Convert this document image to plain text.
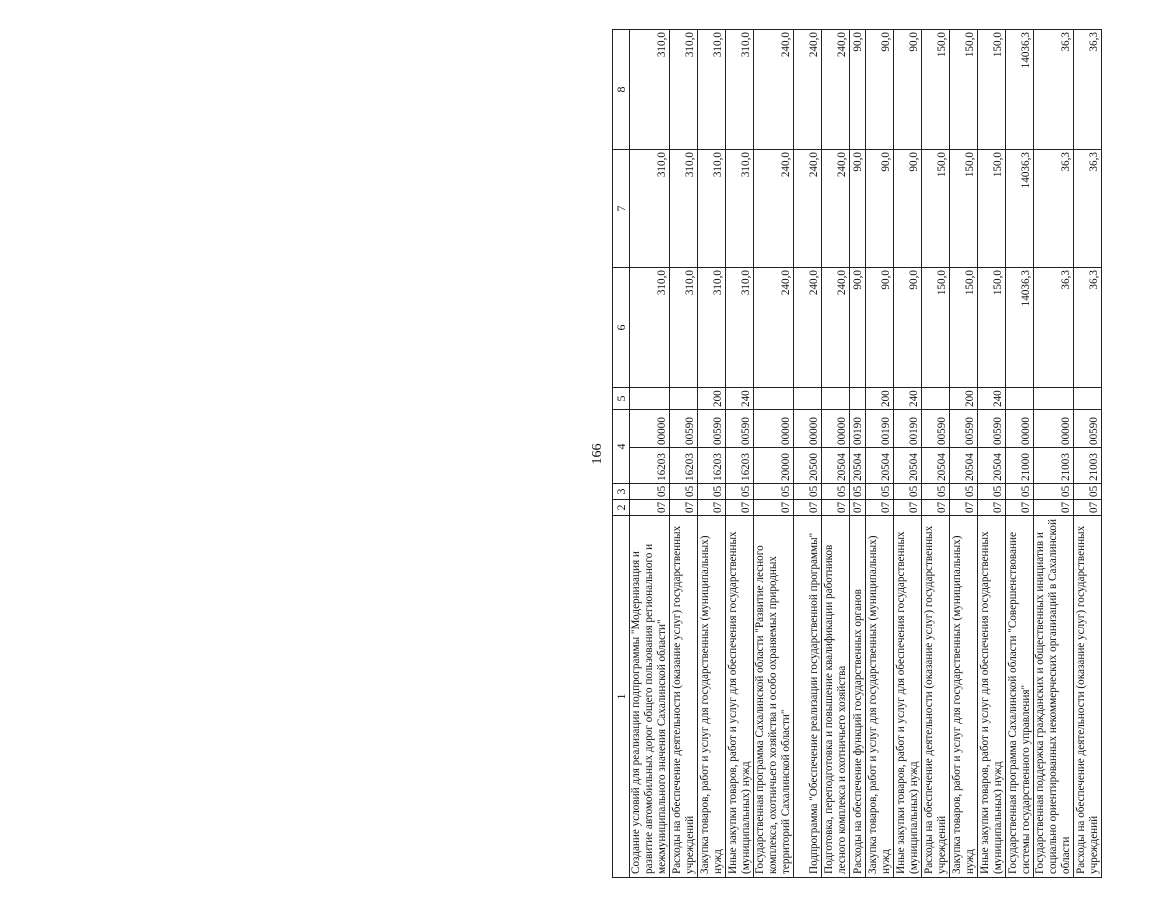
166
1	2	3	4		5	6	7	8
Создание условий для реализации подпрограммы "Модернизация и развитие автомобильных дорог общего пользования регионального и межмуниципального значения Сахалинской области"	07	05	16203	00000		310,0	310,0	310,0
Расходы на обеспечение деятельности (оказание услуг) государственных учреждений	07	05	16203	00590		310,0	310,0	310,0
Закупка товаров, работ и услуг для государственных (муниципальных) нужд	07	05	16203	00590	200	310,0	310,0	310,0
Иные закупки товаров, работ и услуг для обеспечения государственных (муниципальных) нужд	07	05	16203	00590	240	310,0	310,0	310,0
Государственная программа Сахалинской области "Развитие лесного комплекса, охотничьего хозяйства и особо охраняемых природных территорий Сахалинской области"	07	05	20000	00000		240,0	240,0	240,0
Подпрограмма "Обеспечение реализации государственной программы"	07	05	20500	00000		240,0	240,0	240,0
Подготовка, переподготовка и повышение квалификации работников лесного комплекса и охотничьего хозяйства	07	05	20504	00000		240,0	240,0	240,0
Расходы на обеспечение функций государственных органов	07	05	20504	00190		90,0	90,0	90,0
Закупка товаров, работ и услуг для государственных (муниципальных) нужд	07	05	20504	00190	200	90,0	90,0	90,0
Иные закупки товаров, работ и услуг для обеспечения государственных (муниципальных) нужд	07	05	20504	00190	240	90,0	90,0	90,0
Расходы на обеспечение деятельности (оказание услуг) государственных учреждений	07	05	20504	00590		150,0	150,0	150,0
Закупка товаров, работ и услуг для государственных (муниципальных) нужд	07	05	20504	00590	200	150,0	150,0	150,0
Иные закупки товаров, работ и услуг для обеспечения государственных (муниципальных) нужд	07	05	20504	00590	240	150,0	150,0	150,0
Государственная программа Сахалинской области "Совершенствование системы государственного управления"	07	05	21000	00000		14036,3	14036,3	14036,3
Государственная поддержка гражданских и общественных инициатив и социально ориентированных некоммерческих организаций в Сахалинской области	07	05	21003	00000		36,3	36,3	36,3
Расходы на обеспечение деятельности (оказание услуг) государственных учреждений	07	05	21003	00590		36,3	36,3	36,3
